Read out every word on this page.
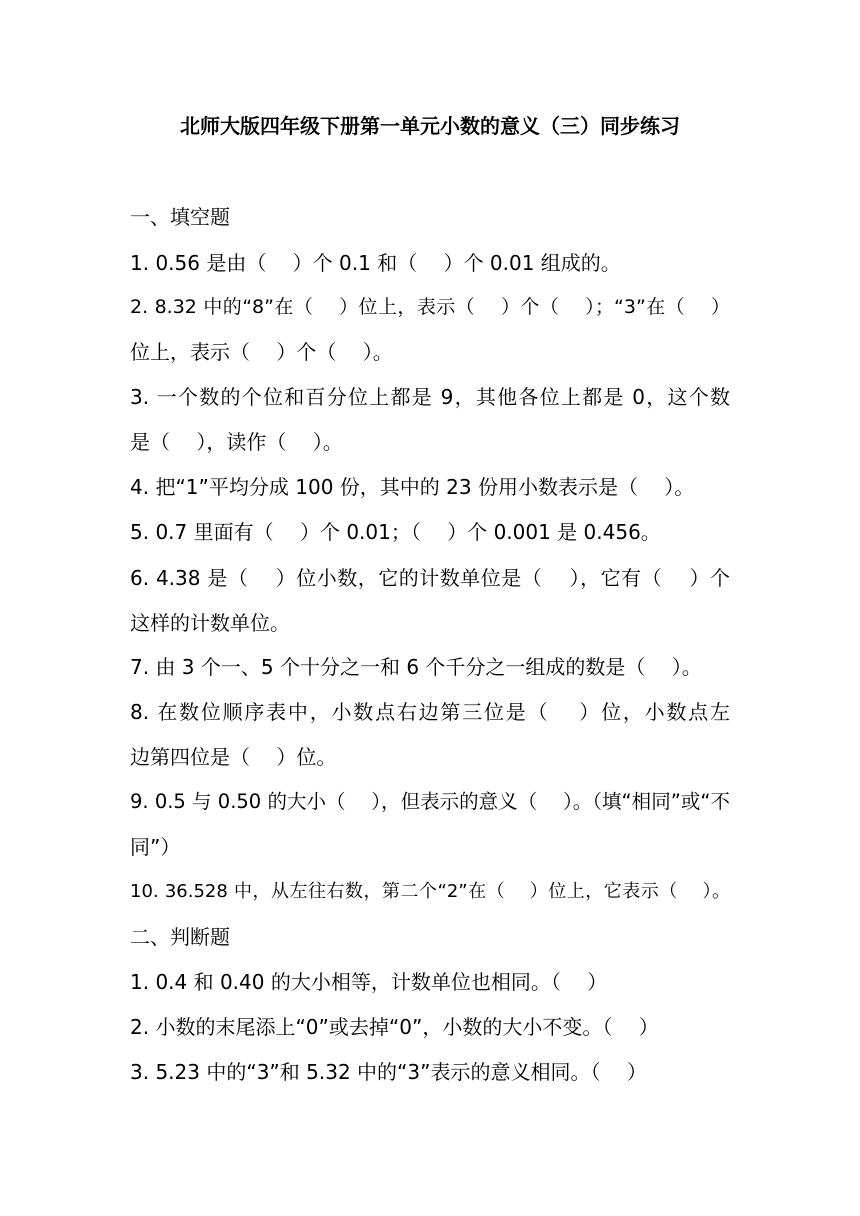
北师大版四年级下册第一单元小数的意义（三）同步练习
一、填空题
1. 0.56 是由（　 ）个 0.1 和（　 ）个 0.01 组成的。
2. 8.32 中的“8”在（　 ）位上，表示（　 ）个（　 ）；“3”在（　 ）
位上，表示（　 ）个（　 ）。
3. 一个数的个位和百分位上都是 9，其他各位上都是 0，这个数
是（　 ），读作（　 ）。
4. 把“1”平均分成 100 份，其中的 23 份用小数表示是（　 ）。
5. 0.7 里面有（　 ）个 0.01；（　 ）个 0.001 是 0.456。
6. 4.38 是（　 ）位小数，它的计数单位是（　 ），它有（　 ）个
这样的计数单位。
7. 由 3 个一、5 个十分之一和 6 个千分之一组成的数是（　 ）。
8. 在数位顺序表中，小数点右边第三位是（　 ）位，小数点左
边第四位是（　 ）位。
9. 0.5 与 0.50 的大小（　 ），但表示的意义（　 ）。（填“相同”或“不
同”）
10. 36.528 中，从左往右数，第二个“2”在（　 ）位上，它表示（　 ）。
二、判断题
1. 0.4 和 0.40 的大小相等，计数单位也相同。（　 ）
2. 小数的末尾添上“0”或去掉“0”，小数的大小不变。（　 ）
3. 5.23 中的“3”和 5.32 中的“3”表示的意义相同。（　 ）
